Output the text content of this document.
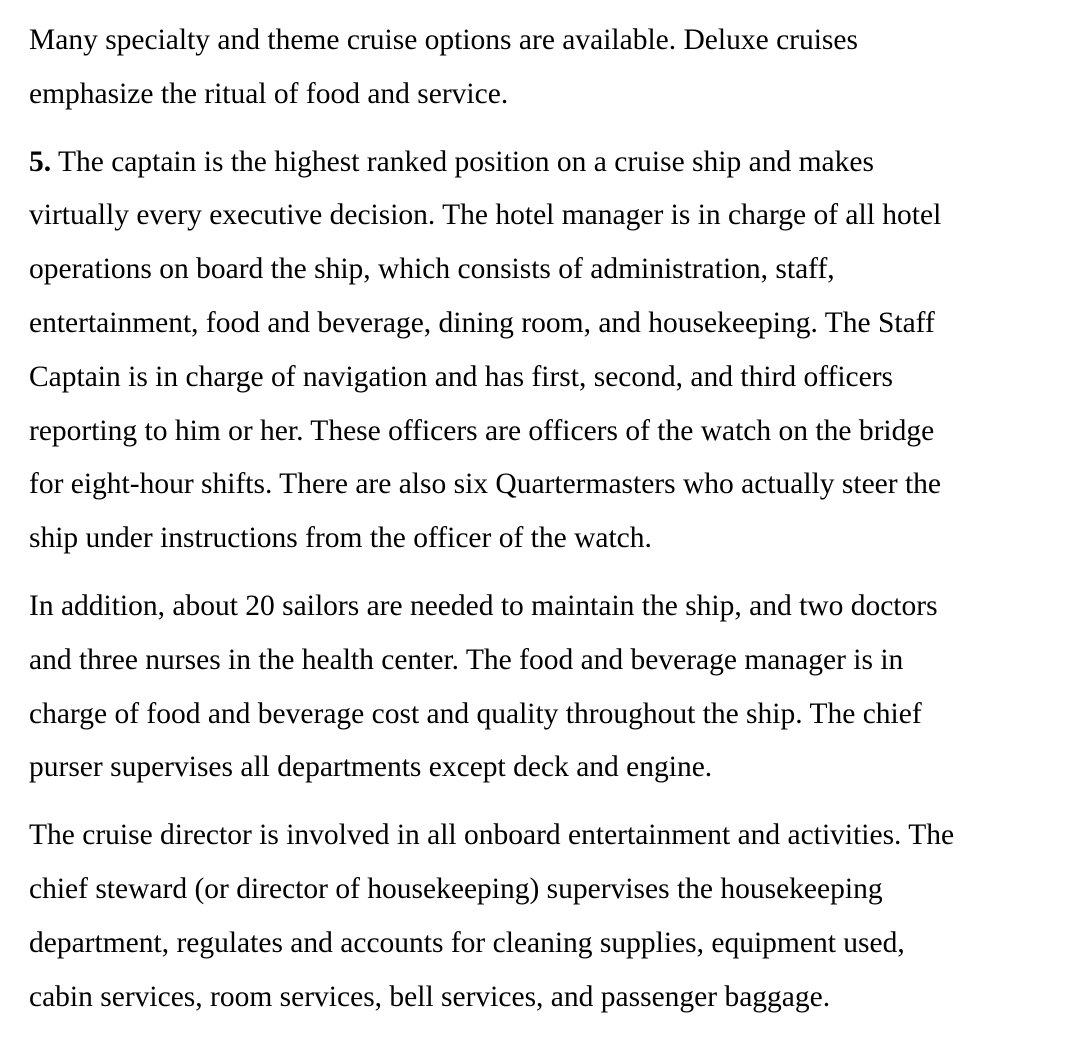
Many specialty and theme cruise options are available. Deluxe cruises
emphasize the ritual of food and service.
5. The captain is the highest ranked position on a cruise ship and makes
virtually every executive decision. The hotel manager is in charge of all hotel
operations on board the ship, which consists of administration, staff,
entertainment, food and beverage, dining room, and housekeeping. The Staff
Captain is in charge of navigation and has first, second, and third officers
reporting to him or her. These officers are officers of the watch on the bridge
for eight-hour shifts. There are also six Quartermasters who actually steer the
ship under instructions from the officer of the watch.
In addition, about 20 sailors are needed to maintain the ship, and two doctors
and three nurses in the health center. The food and beverage manager is in
charge of food and beverage cost and quality throughout the ship. The chief
purser supervises all departments except deck and engine.
The cruise director is involved in all onboard entertainment and activities. The
chief steward (or director of housekeeping) supervises the housekeeping
department, regulates and accounts for cleaning supplies, equipment used,
cabin services, room services, bell services, and passenger baggage.
